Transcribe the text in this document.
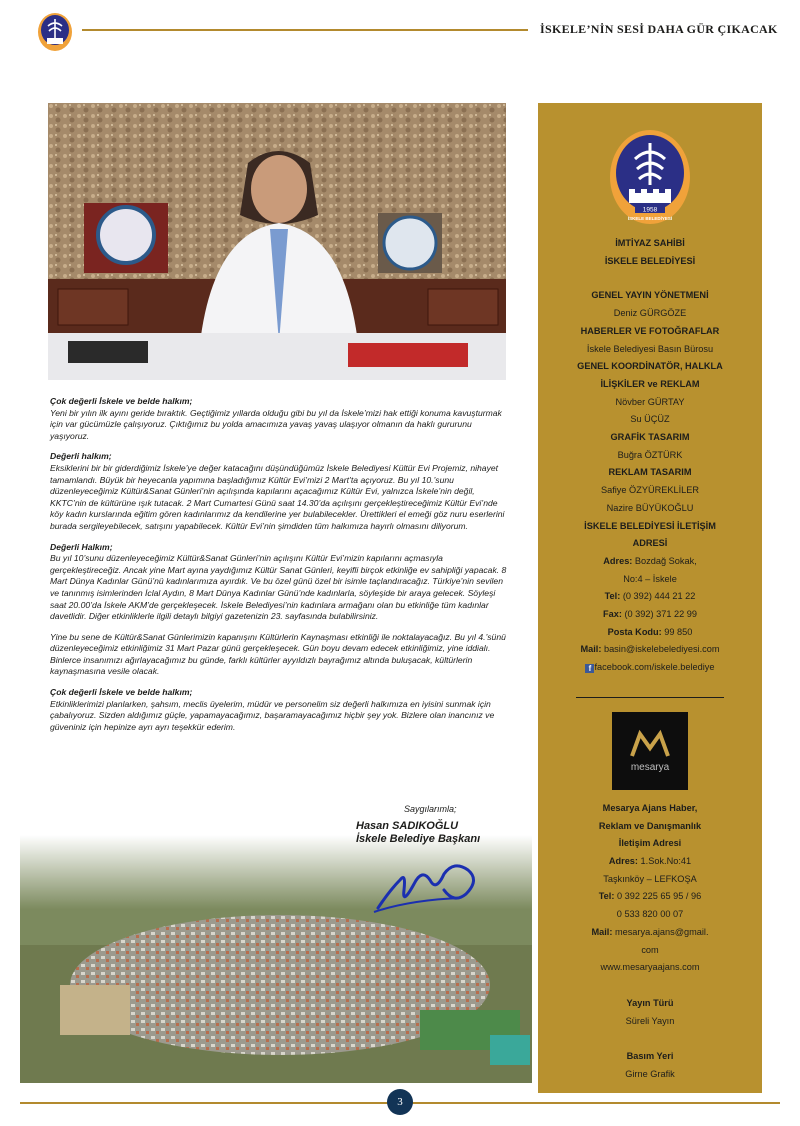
İSKELE’NİN SESİ DAHA GÜR ÇIKACAK

Çok değerli İskele ve belde halkım;
Yeni bir yılın ilk ayını geride bıraktık. Geçtiğimiz yıllarda olduğu gibi bu yıl da İskele’mizi hak ettiği konuma kavuşturmak için var gücümüzle çalışıyoruz. Çıktığımız bu yolda amacımıza yavaş yavaş ulaşıyor olmanın da haklı gururunu yaşıyoruz.

Değerli halkım;
Eksiklerini bir bir giderdiğimiz İskele’ye değer katacağını düşündüğümüz İskele Belediyesi Kültür Evi Projemiz, nihayet tamamlandı. Büyük bir heyecanla yapımına başladığımız Kültür Evi’mizi 2 Mart’ta açıyoruz. Bu yıl 10.’sunu düzenleyeceğimiz Kültür&Sanat Günleri’nin açılışında kapılarını açacağımız Kültür Evi, yalnızca İskele’nin değil, KKTC’nin de kültürüne ışık tutacak. 2 Mart Cumartesi Günü saat 14.30’da açılışını gerçekleştireceğimiz Kültür Evi’nde köy kadın kurslarında eğitim gören kadınlarımız da kendilerine yer bulabilecekler. Ürettikleri el emeği göz nuru eserlerini burada sergileyebilecek, satışını yapabilecek. Kültür Evi’nin şimdiden tüm halkımıza hayırlı olmasını diliyorum.

Değerli Halkım;
Bu yıl 10’sunu düzenleyeceğimiz Kültür&Sanat Günleri’nin açılışını Kültür Evi’mizin kapılarını açmasıyla gerçekleştireceğiz. Ancak yine Mart ayına yaydığımız Kültür Sanat Günleri, keyifli birçok etkinliğe ev sahipliği yapacak. 8 Mart Dünya Kadınlar Günü’nü kadınlarımıza ayırdık. Ve bu özel günü özel bir isimle taçlandıracağız. Türkiye’nin sevilen ve tanınmış isimlerinden İclal Aydın, 8 Mart Dünya Kadınlar Günü’nde kadınlarla, söyleşide bir araya gelecek. Söyleşi saat 20.00’da İskele AKM’de gerçekleşecek. İskele Belediyesi’nin kadınlara armağanı olan bu etkinliğe tüm kadınlar davetlidir. Diğer etkinliklerle ilgili detaylı bilgiyi gazetenizin 23. sayfasında bulabilirsiniz.

Yine bu sene de Kültür&Sanat Günlerimizin kapanışını Kültürlerin Kaynaşması etkinliği ile noktalayacağız. Bu yıl 4.’sünü düzenleyeceğimiz etkinliğimiz 31 Mart Pazar günü gerçekleşecek. Gün boyu devam edecek etkinliğimiz, yine iddialı. Binlerce insanımızı ağırlayacağımız bu günde, farklı kültürler ayyıldızlı bayrağımız altında buluşacak, kültürlerin kaynaşmasına vesile olacak.

Çok değerli İskele ve belde halkım;
Etkinliklerimizi planlarken, şahsım, meclis üyelerim, müdür ve personelim siz değerli halkımıza en iyisini sunmak için çabalıyoruz. Sizden aldığımız güçle, yapamayacağımız, başaramayacağımız hiçbir şey yok. Bizlere olan inancınız ve güveniniz için hepinize ayrı ayrı teşekkür ederim.

Saygılarımla;
Hasan SADIKOĞLU
İskele Belediye Başkanı
3
1958
İSKELE BELEDİYESİ
İMTİYAZ SAHİBİ
İSKELE BELEDİYESİ
GENEL YAYIN YÖNETMENİ
Deniz GÜRGÖZE
HABERLER VE FOTOĞRAFLAR
İskele Belediyesi Basın Bürosu
GENEL KOORDİNATÖR, HALKLA
İLİŞKİLER ve REKLAM
Növber GÜRTAY
Su ÜÇÜZ
GRAFİK TASARIM
Buğra ÖZTÜRK
REKLAM TASARIM
Safiye ÖZYÜREKLİLER
Nazire BÜYÜKOĞLU
İSKELE BELEDİYESİ İLETİŞİM
ADRESİ
Adres: Bozdağ Sokak,
No:4 – İskele
Tel: (0 392) 444 21 22
Fax: (0 392) 371 22 99
Posta Kodu: 99 850
Mail: basin@iskelebelediyesi.com
f facebook.com/iskele.belediye
mesarya
Mesarya Ajans Haber,
Reklam ve Danışmanlık
İletişim Adresi
Adres: 1.Sok.No:41
Taşkınköy – LEFKOŞA
Tel: 0 392 225 65 95 / 96
0 533 820 00 07
Mail: mesarya.ajans@gmail.
com
www.mesaryaajans.com
Yayın Türü
Süreli Yayın
Basım Yeri
Girne Grafik
